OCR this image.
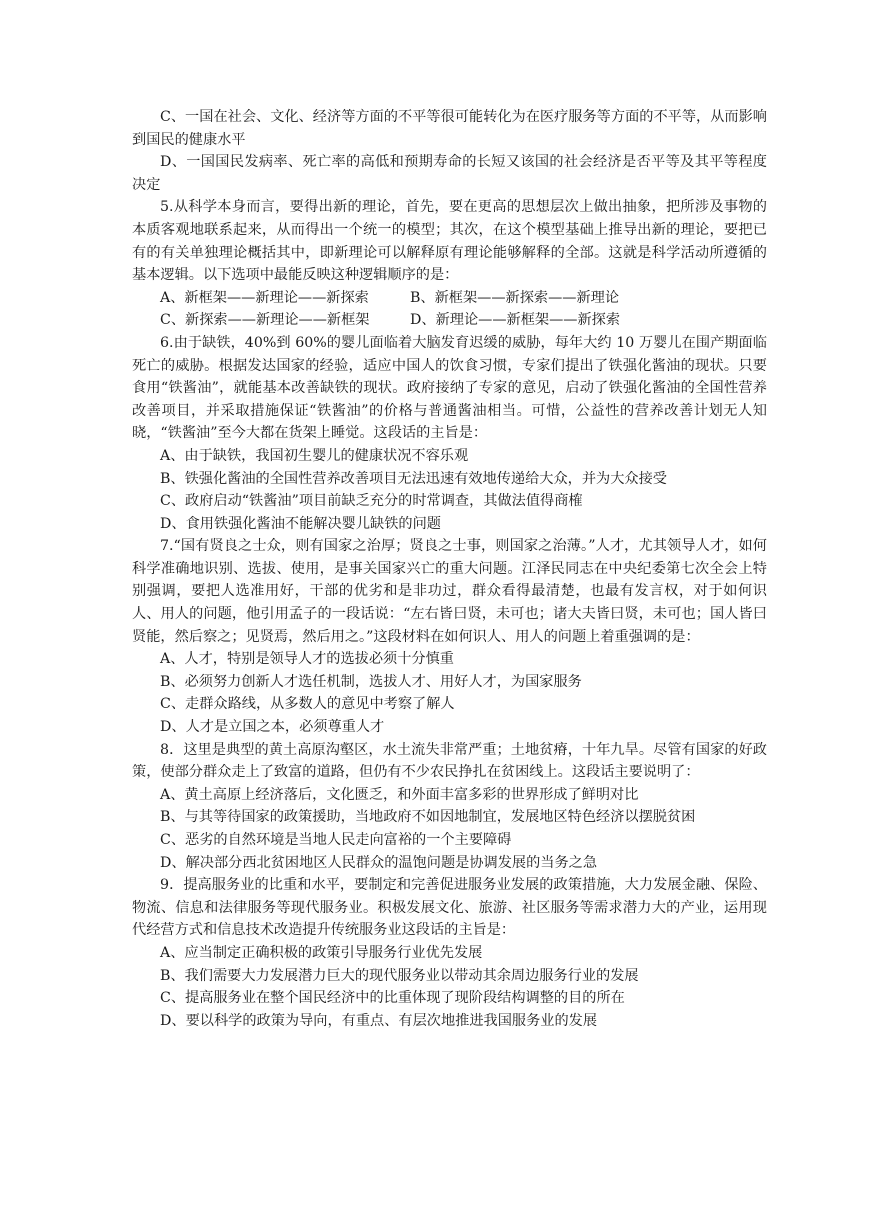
C、一国在社会、文化、经济等方面的不平等很可能转化为在医疗服务等方面的不平等，从而影响到国民的健康水平

D、一国国民发病率、死亡率的高低和预期寿命的长短又该国的社会经济是否平等及其平等程度决定

5.从科学本身而言，要得出新的理论，首先，要在更高的思想层次上做出抽象，把所涉及事物的本质客观地联系起来，从而得出一个统一的模型；其次，在这个模型基础上推导出新的理论，要把已有的有关单独理论概括其中，即新理论可以解释原有理论能够解释的全部。这就是科学活动所遵循的基本逻辑。以下选项中最能反映这种逻辑顺序的是：

A、新框架——新理论——新探索	B、新框架——新探索——新理论
C、新探索——新理论——新框架	D、新理论——新框架——新探索

6.由于缺铁，40%到 60%的婴儿面临着大脑发育迟缓的威胁，每年大约 10 万婴儿在围产期面临死亡的威胁。根据发达国家的经验，适应中国人的饮食习惯，专家们提出了铁强化酱油的现状。只要食用“铁酱油”，就能基本改善缺铁的现状。政府接纳了专家的意见，启动了铁强化酱油的全国性营养改善项目，并采取措施保证“铁酱油”的价格与普通酱油相当。可惜，公益性的营养改善计划无人知晓，“铁酱油”至今大都在货架上睡觉。这段话的主旨是：

A、由于缺铁，我国初生婴儿的健康状况不容乐观

B、铁强化酱油的全国性营养改善项目无法迅速有效地传递给大众，并为大众接受

C、政府启动“铁酱油”项目前缺乏充分的时常调查，其做法值得商榷

D、食用铁强化酱油不能解决婴儿缺铁的问题

7.“国有贤良之士众，则有国家之治厚；贤良之士事，则国家之治薄。”人才，尤其领导人才，如何科学准确地识别、选拔、使用，是事关国家兴亡的重大问题。江泽民同志在中央纪委第七次全会上特别强调，要把人选准用好，干部的优劣和是非功过，群众看得最清楚，也最有发言权，对于如何识人、用人的问题，他引用孟子的一段话说：“左右皆曰贤，未可也；诸大夫皆曰贤，未可也；国人皆曰贤能，然后察之；见贤焉，然后用之。”这段材料在如何识人、用人的问题上着重强调的是：

A、人才，特别是领导人才的选拔必须十分慎重

B、必须努力创新人才选任机制，选拔人才、用好人才，为国家服务

C、走群众路线，从多数人的意见中考察了解人

D、人才是立国之本，必须尊重人才

8．这里是典型的黄土高原沟壑区，水土流失非常严重；土地贫瘠，十年九旱。尽管有国家的好政策，使部分群众走上了致富的道路，但仍有不少农民挣扎在贫困线上。这段话主要说明了：

A、黄土高原上经济落后，文化匮乏，和外面丰富多彩的世界形成了鲜明对比

B、与其等待国家的政策援助，当地政府不如因地制宜，发展地区特色经济以摆脱贫困

C、恶劣的自然环境是当地人民走向富裕的一个主要障碍

D、解决部分西北贫困地区人民群众的温饱问题是协调发展的当务之急

9．提高服务业的比重和水平，要制定和完善促进服务业发展的政策措施，大力发展金融、保险、物流、信息和法律服务等现代服务业。积极发展文化、旅游、社区服务等需求潜力大的产业，运用现代经营方式和信息技术改造提升传统服务业这段话的主旨是：

A、应当制定正确积极的政策引导服务行业优先发展

B、我们需要大力发展潜力巨大的现代服务业以带动其余周边服务行业的发展

C、提高服务业在整个国民经济中的比重体现了现阶段结构调整的目的所在

D、要以科学的政策为导向，有重点、有层次地推进我国服务业的发展
